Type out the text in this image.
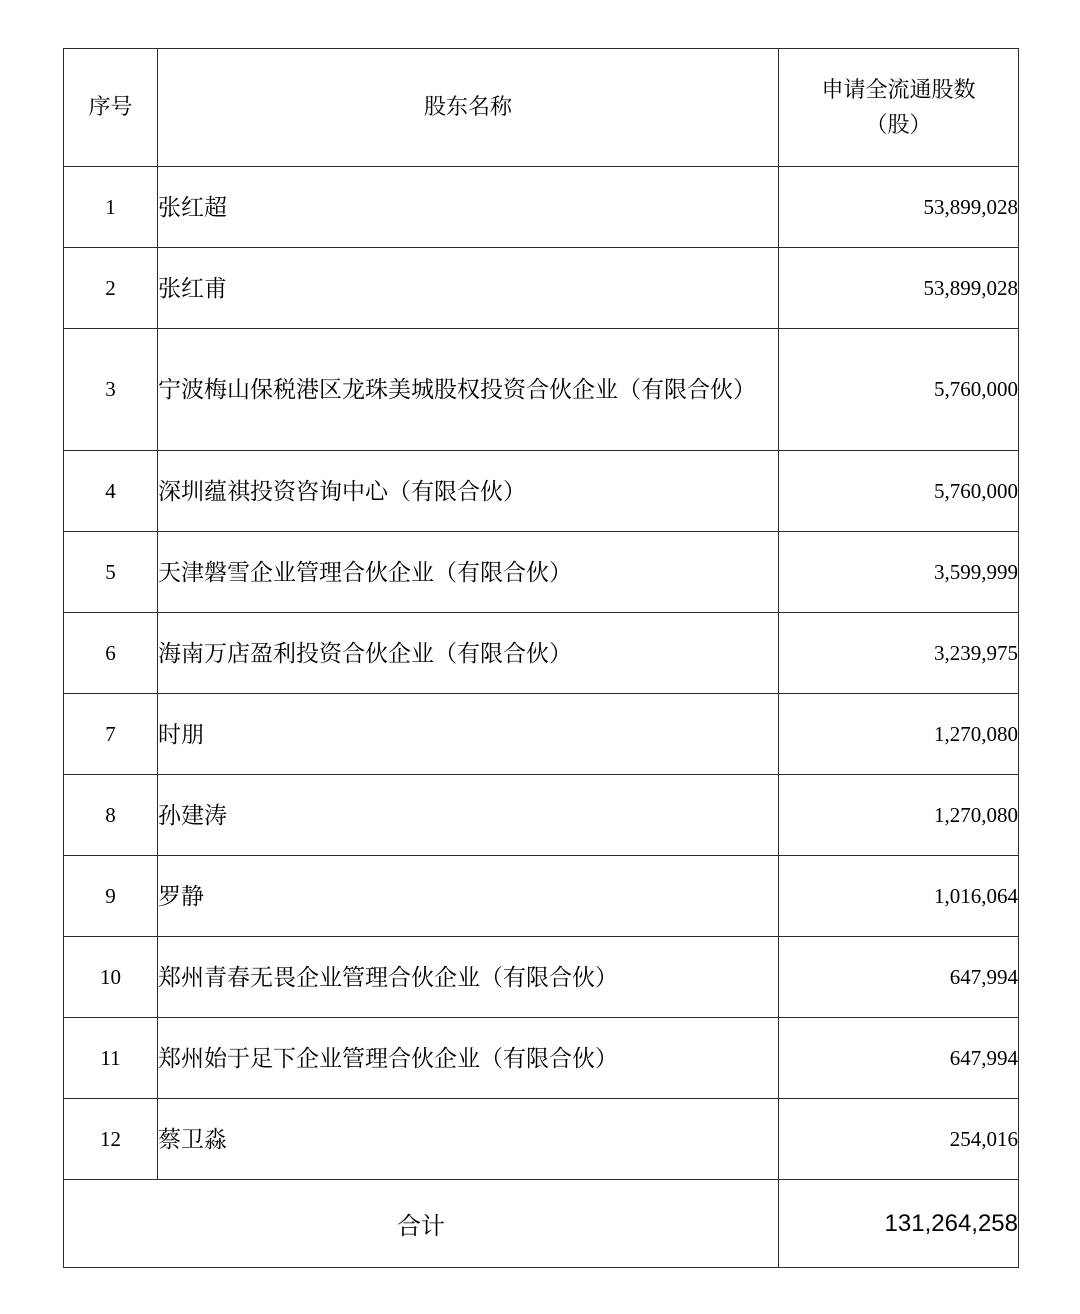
序号	股东名称	申请全流通股数
（股）

1	张红超	53,899,028
2	张红甫	53,899,028
3	宁波梅山保税港区龙珠美城股权投资合伙企业（有限合伙）	5,760,000
4	深圳蕴祺投资咨询中心（有限合伙）	5,760,000
5	天津磐雪企业管理合伙企业（有限合伙）	3,599,999
6	海南万店盈利投资合伙企业（有限合伙）	3,239,975
7	时朋	1,270,080
8	孙建涛	1,270,080
9	罗静	1,016,064
10	郑州青春无畏企业管理合伙企业（有限合伙）	647,994
11	郑州始于足下企业管理合伙企业（有限合伙）	647,994
12	蔡卫淼	254,016
合计		131,264,258
